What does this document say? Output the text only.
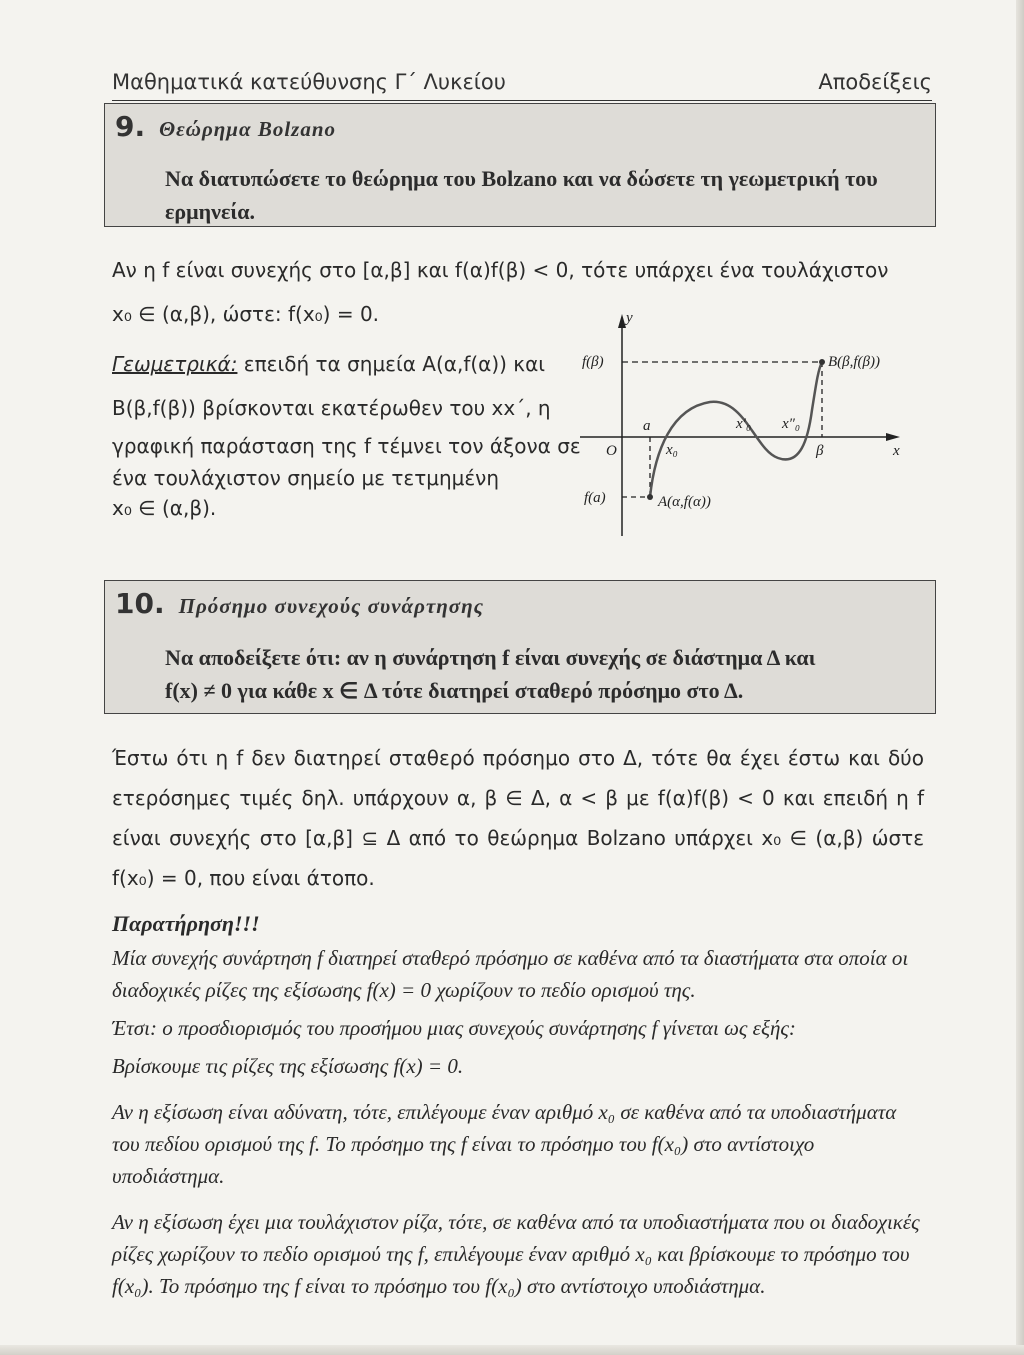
Μαθηματικά κατεύθυνσης Γ΄ Λυκείου	Αποδείξεις
9. Θεώρημα Bolzano
Να διατυπώσετε το θεώρημα του Bolzano και να δώσετε τη γεωμετρική του ερμηνεία.
Αν η f είναι συνεχής στο [α,β] και f(α)f(β) < 0, τότε υπάρχει ένα τουλάχιστον
x₀ ∈ (α,β), ώστε: f(x₀) = 0.
Γεωμετρικά: επειδή τα σημεία A(α,f(α)) και
B(β,f(β)) βρίσκονται εκατέρωθεν του xx΄, η
γραφική παράσταση της f τέμνει τον άξονα σε
ένα τουλάχιστον σημείο με τετμημένη
x₀ ∈ (α,β).
y
x
O
f(β)
f(a)
B(β,f(β))
A(α,f(α))
a
β
x₀
x′₀ x″₀
10. Πρόσημο συνεχούς συνάρτησης
Να αποδείξετε ότι: αν η συνάρτηση f είναι συνεχής σε διάστημα Δ και
f(x) ≠ 0 για κάθε x ∈ Δ τότε διατηρεί σταθερό πρόσημο στο Δ.
Έστω ότι η f δεν διατηρεί σταθερό πρόσημο στο Δ, τότε θα έχει έστω και δύο ετερόσημες τιμές δηλ. υπάρχουν α, β ∈ Δ, α < β με f(α)f(β) < 0 και επειδή η f είναι συνεχής στο [α,β] ⊆ Δ από το θεώρημα Bolzano υπάρχει x₀ ∈ (α,β) ώστε f(x₀) = 0, που είναι άτοπο.
Παρατήρηση!!!
Μία συνεχής συνάρτηση f διατηρεί σταθερό πρόσημο σε καθένα από τα διαστήματα στα οποία οι διαδοχικές ρίζες της εξίσωσης f(x) = 0 χωρίζουν το πεδίο ορισμού της.
Έτσι: ο προσδιορισμός του προσήμου μιας συνεχούς συνάρτησης f γίνεται ως εξής:
Βρίσκουμε τις ρίζες της εξίσωσης f(x) = 0.
Αν η εξίσωση είναι αδύνατη, τότε, επιλέγουμε έναν αριθμό x₀ σε καθένα από τα υποδιαστήματα του πεδίου ορισμού της f. Το πρόσημο της f είναι το πρόσημο του f(x₀) στο αντίστοιχο υποδιάστημα.
Αν η εξίσωση έχει μια τουλάχιστον ρίζα, τότε, σε καθένα από τα υποδιαστήματα που οι διαδοχικές ρίζες χωρίζουν το πεδίο ορισμού της f, επιλέγουμε έναν αριθμό x₀ και βρίσκουμε το πρόσημο του f(x₀). Το πρόσημο της f είναι το πρόσημο του f(x₀) στο αντίστοιχο υποδιάστημα.
